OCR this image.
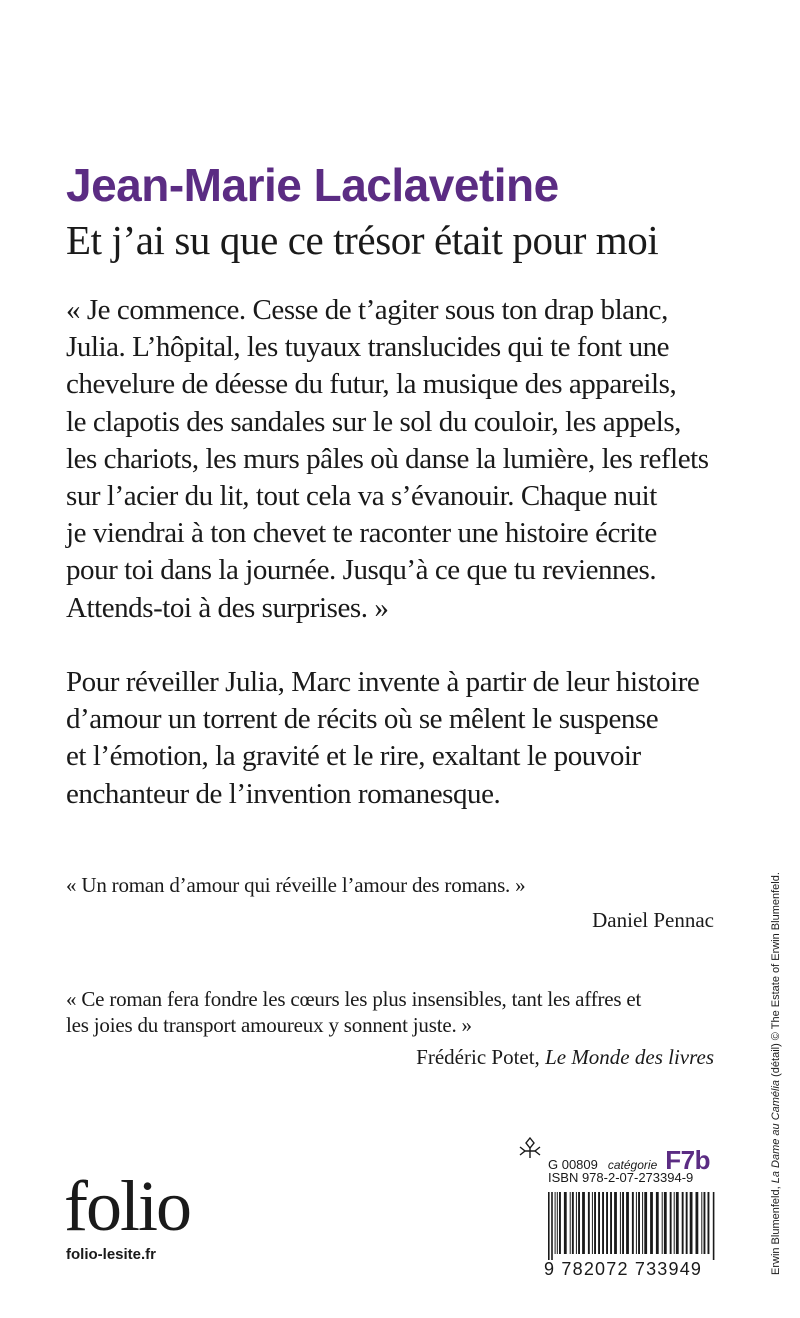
Jean-Marie Laclavetine
Et j’ai su que ce trésor était pour moi
« Je commence. Cesse de t’agiter sous ton drap blanc,
Julia. L’hôpital, les tuyaux translucides qui te font une
chevelure de déesse du futur, la musique des appareils,
le clapotis des sandales sur le sol du couloir, les appels,
les chariots, les murs pâles où danse la lumière, les reflets
sur l’acier du lit, tout cela va s’évanouir. Chaque nuit
je viendrai à ton chevet te raconter une histoire écrite
pour toi dans la journée. Jusqu’à ce que tu reviennes.
Attends-toi à des surprises. »
Pour réveiller Julia, Marc invente à partir de leur histoire
d’amour un torrent de récits où se mêlent le suspense
et l’émotion, la gravité et le rire, exaltant le pouvoir
enchanteur de l’invention romanesque.
« Un roman d’amour qui réveille l’amour des romans. »
Daniel Pennac
« Ce roman fera fondre les cœurs les plus insensibles, tant les affres et
les joies du transport amoureux y sonnent juste. »
Frédéric Potet, Le Monde des livres
folio
folio-lesite.fr
G 00809 catégorie F7b
ISBN 978-2-07-273394-9
9 782072 733949	Erwin Blumenfeld, La Dame au Camélia (détail) © The Estate of Erwin Blumenfeld.
